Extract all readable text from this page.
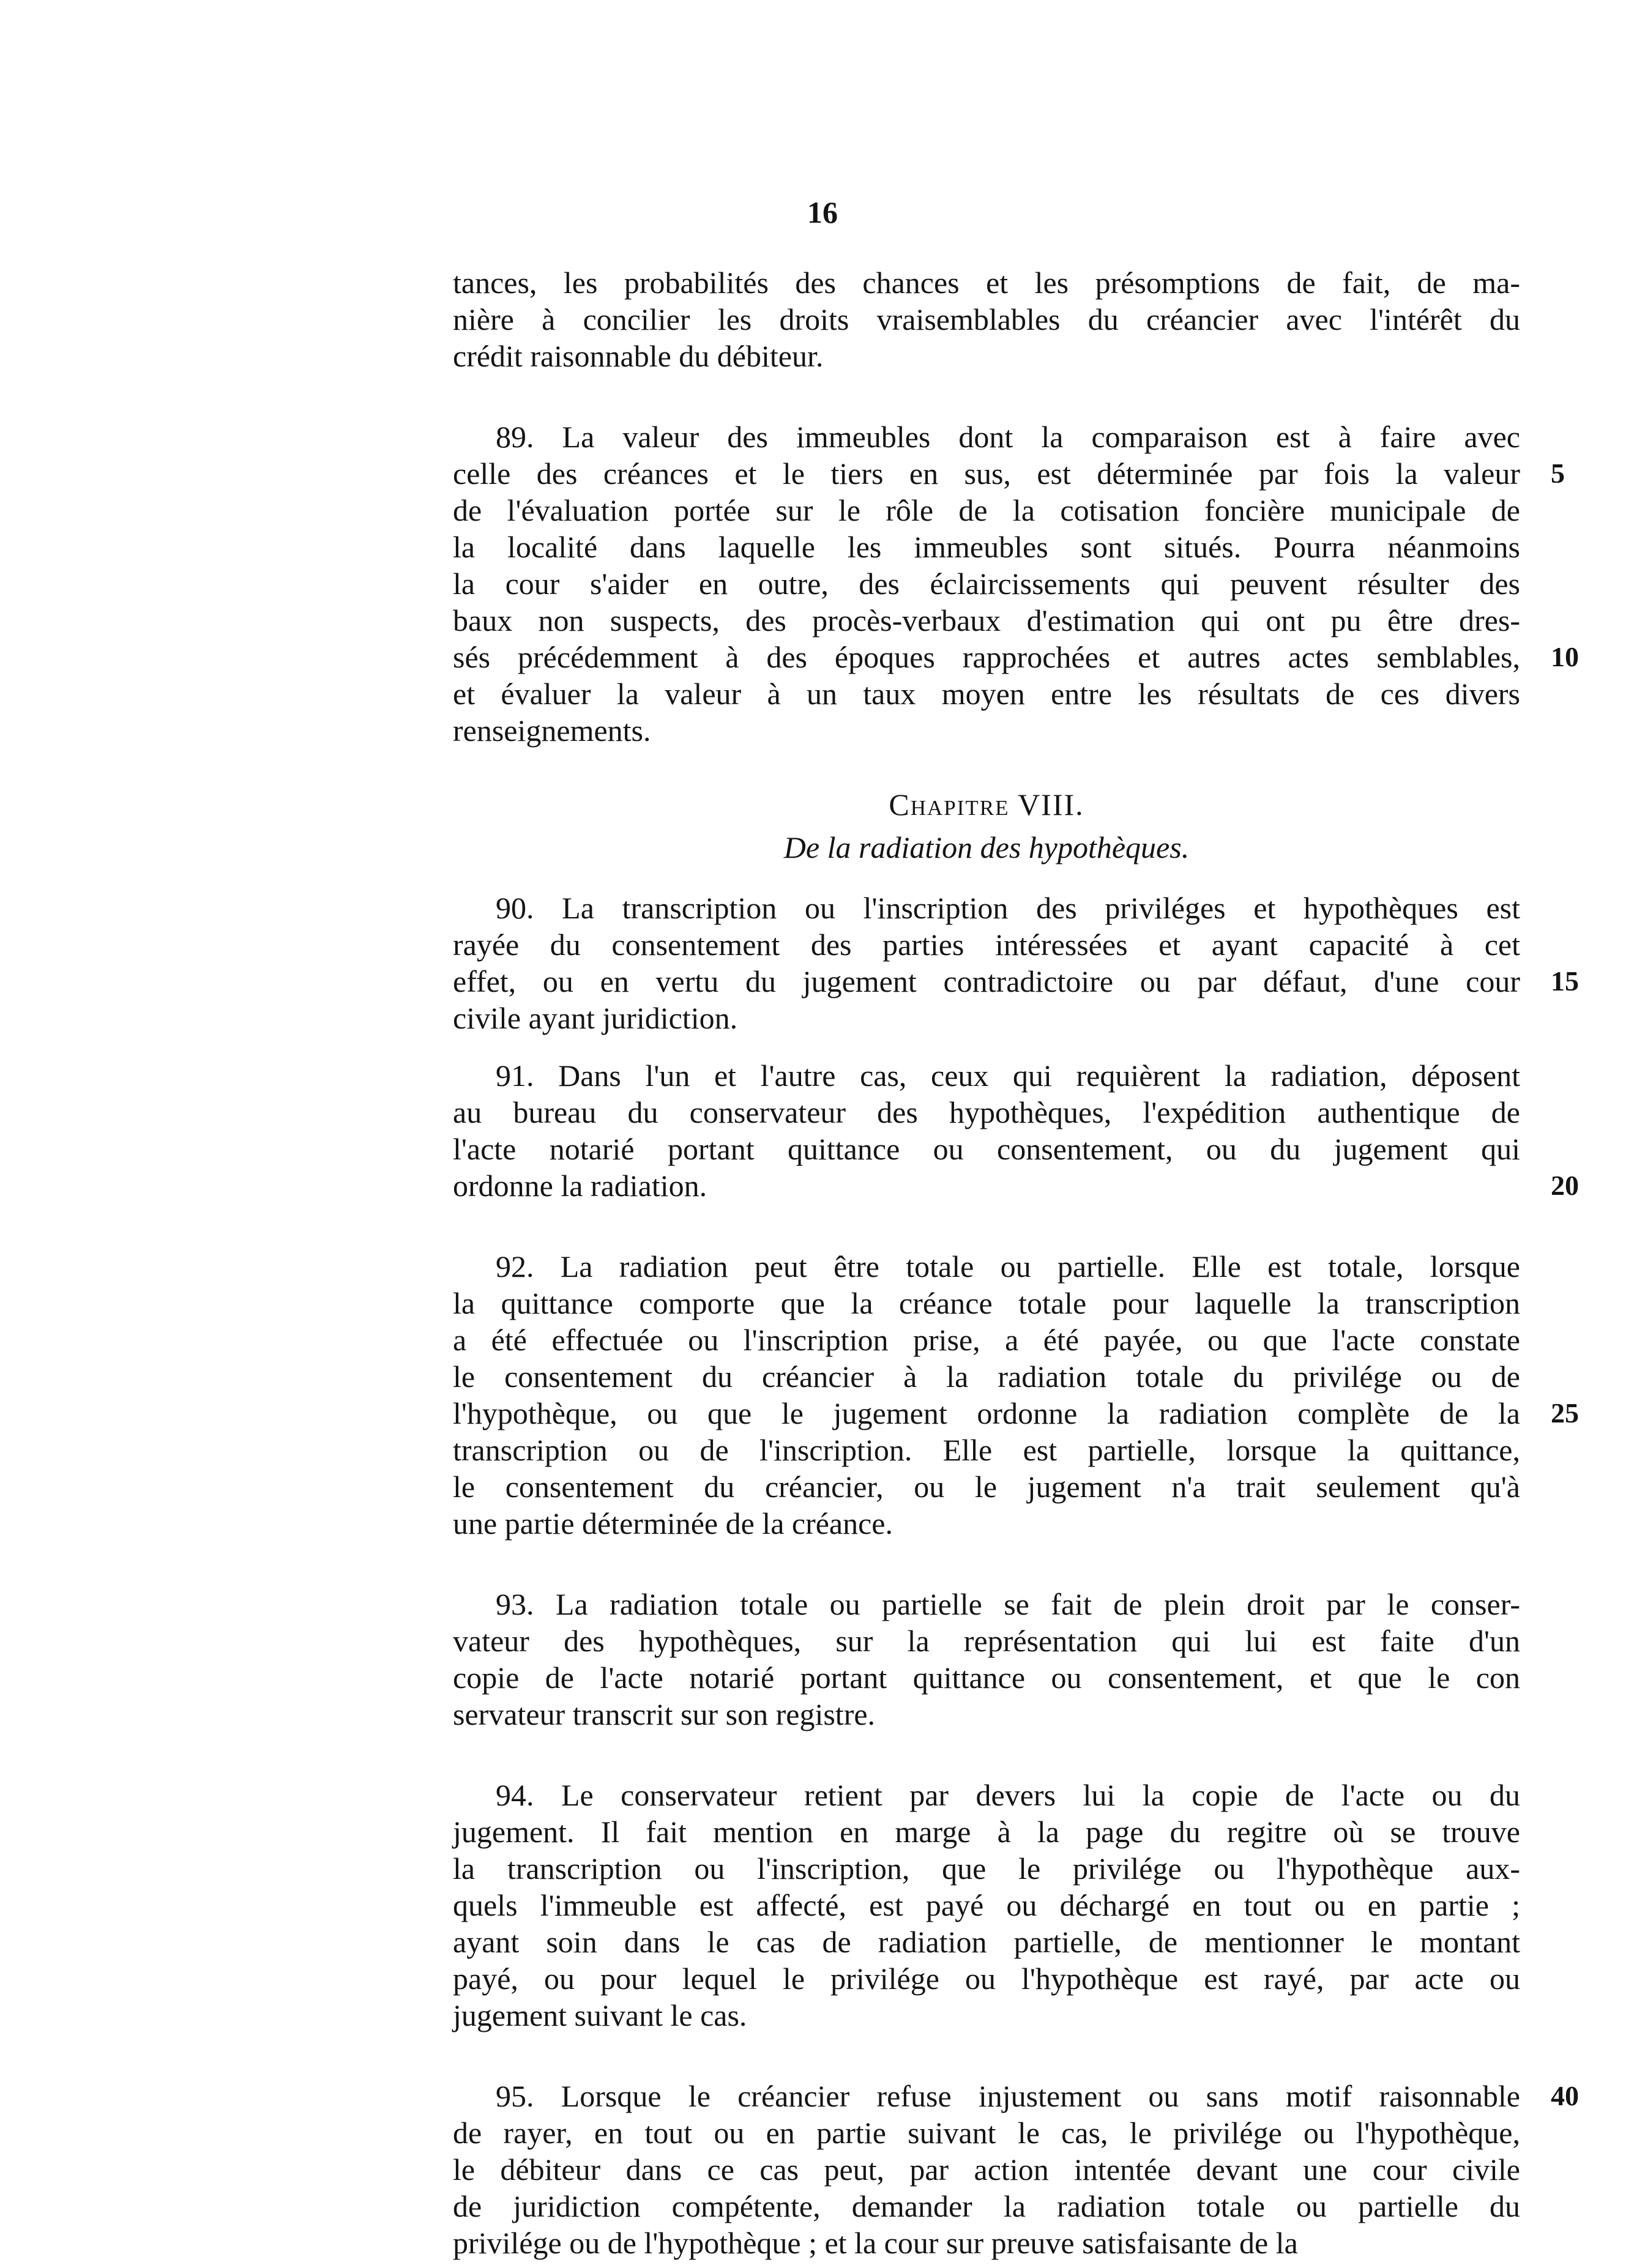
16
tances, les probabilités des chances et les présomptions de fait, de ma-
nière à concilier les droits vraisemblables du créancier avec l'intérêt du
crédit raisonnable du débiteur.
89. La valeur des immeubles dont la comparaison est à faire avec
celle des créances et le tiers en sus, est déterminée par fois la valeur 5
de l'évaluation portée sur le rôle de la cotisation foncière municipale de
la localité dans laquelle les immeubles sont situés. Pourra néanmoins
la cour s'aider en outre, des éclaircissements qui peuvent résulter des
baux non suspects, des procès-verbaux d'estimation qui ont pu être dres-
sés précédemment à des époques rapprochées et autres actes semblables, 10
et évaluer la valeur à un taux moyen entre les résultats de ces divers
renseignements.
Chapitre VIII.
De la radiation des hypothèques.
90. La transcription ou l'inscription des priviléges et hypothèques est
rayée du consentement des parties intéressées et ayant capacité à cet
effet, ou en vertu du jugement contradictoire ou par défaut, d'une cour 15
civile ayant juridiction.
91. Dans l'un et l'autre cas, ceux qui requièrent la radiation, déposent
au bureau du conservateur des hypothèques, l'expédition authentique de
l'acte notarié portant quittance ou consentement, ou du jugement qui
ordonne la radiation.	20
92. La radiation peut être totale ou partielle. Elle est totale, lorsque
la quittance comporte que la créance totale pour laquelle la transcription
a été effectuée ou l'inscription prise, a été payée, ou que l'acte constate
le consentement du créancier à la radiation totale du privilége ou de
l'hypothèque, ou que le jugement ordonne la radiation complète de la 25
transcription ou de l'inscription. Elle est partielle, lorsque la quittance,
le consentement du créancier, ou le jugement n'a trait seulement qu'à
une partie déterminée de la créance.
93. La radiation totale ou partielle se fait de plein droit par le conser-
vateur des hypothèques, sur la représentation qui lui est faite d'un
copie de l'acte notarié portant quittance ou consentement, et que le con
servateur transcrit sur son registre.
94. Le conservateur retient par devers lui la copie de l'acte ou du
jugement. Il fait mention en marge à la page du regitre où se trouve
la transcription ou l'inscription, que le privilége ou l'hypothèque aux-
quels l'immeuble est affecté, est payé ou déchargé en tout ou en partie ;
ayant soin dans le cas de radiation partielle, de mentionner le montant
payé, ou pour lequel le privilége ou l'hypothèque est rayé, par acte ou
jugement suivant le cas.
95. Lorsque le créancier refuse injustement ou sans motif raisonnable 40
de rayer, en tout ou en partie suivant le cas, le privilége ou l'hypothèque,
le débiteur dans ce cas peut, par action intentée devant une cour civile
de juridiction compétente, demander la radiation totale ou partielle du
privilége ou de l'hypothèque ; et la cour sur preuve satisfaisante de la
